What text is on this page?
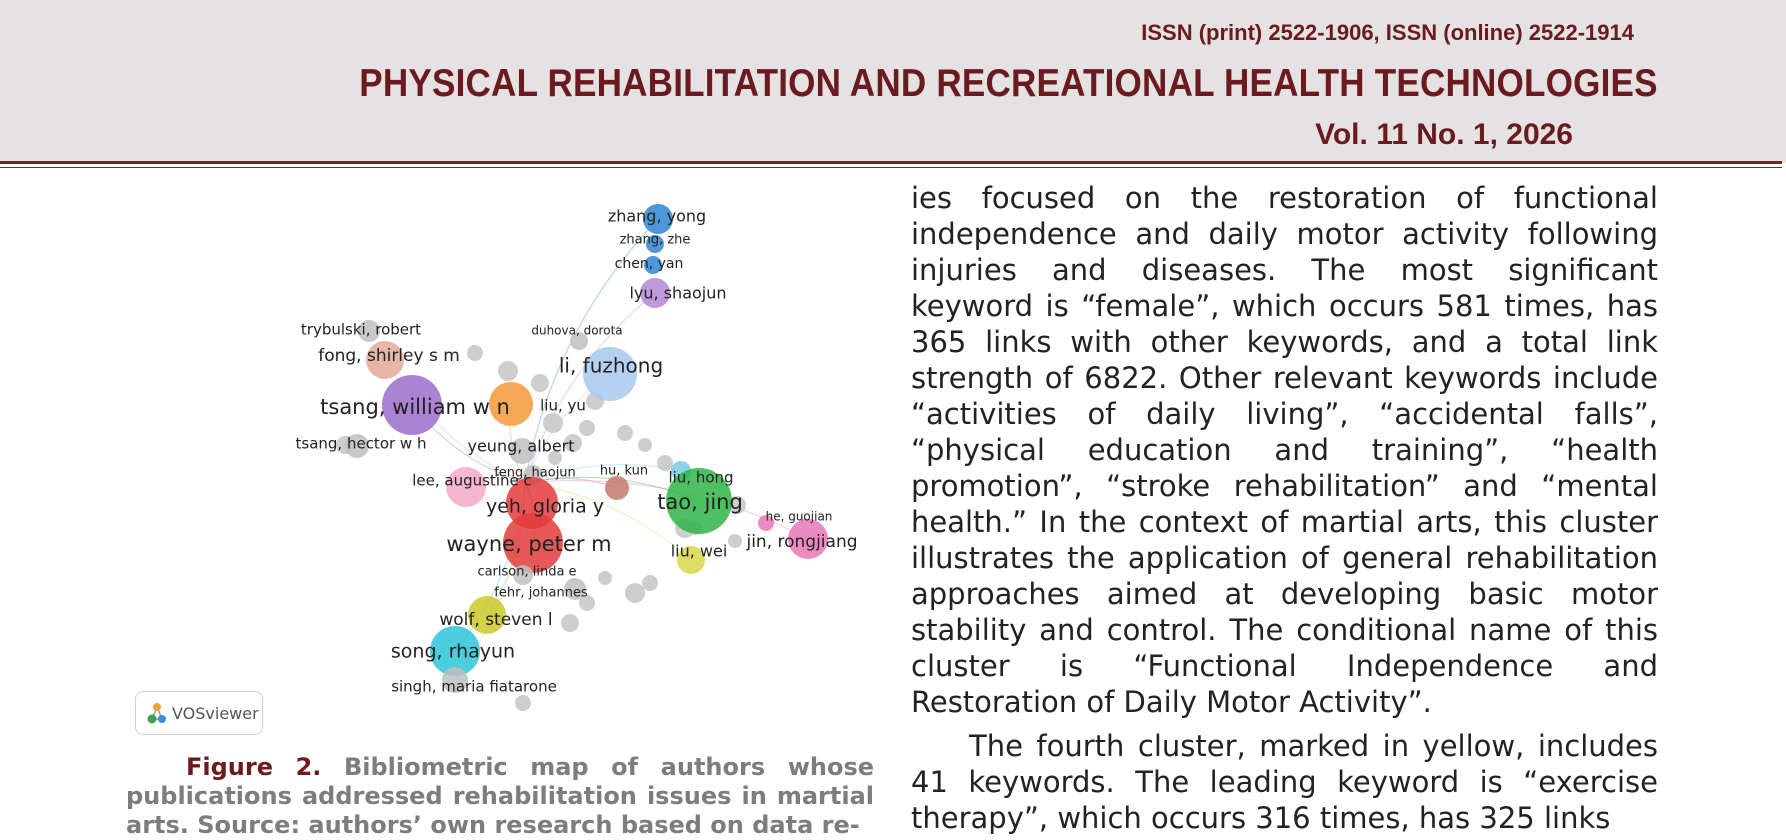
ISSN (print) 2522-1906, ISSN (online) 2522-1914
PHYSICAL REHABILITATION AND RECREATIONAL HEALTH TECHNOLOGIES
Vol. 11 No. 1, 2026
zhang, yong
zhang, zhe
chen, yan
lyu, shaojun
trybulski, robert	duhova, dorota
fong, shirley s m	li, fuzhong
tsang, william w n liu, yu
tsang, hector w h	yeung, albert
feng, haojun hu, kun liu, hong
lee, augustine c
tao, jing
he, guojian
yeh, gloria y
jin, rongjiang
wayne, peter m	liu, wei
carlson, linda e
fehr, johannes
wolf, steven l
song, rhayun
singh, maria fiatarone
VOSviewer
Figure 2. Bibliometric map of authors whose publications addressed rehabilitation issues in martial arts. Source: authors’ own research based on data re-

ies focused on the restoration of functional independence and daily motor activity following injuries and diseases. The most significant keyword is “female”, which occurs 581 times, has 365 links with other keywords, and a total link strength of 6822. Other relevant keywords include “activities of daily living”, “accidental falls”, “physical education and training”, “health promotion”, “stroke rehabilitation” and “mental health.” In the context of martial arts, this cluster illustrates the application of general rehabilitation approaches aimed at developing basic motor stability and control. The conditional name of this cluster is “Functional Independence and Restoration of Daily Motor Activity”.

The fourth cluster, marked in yellow, includes 41 keywords. The leading keyword is “exercise therapy”, which occurs 316 times, has 325 links
